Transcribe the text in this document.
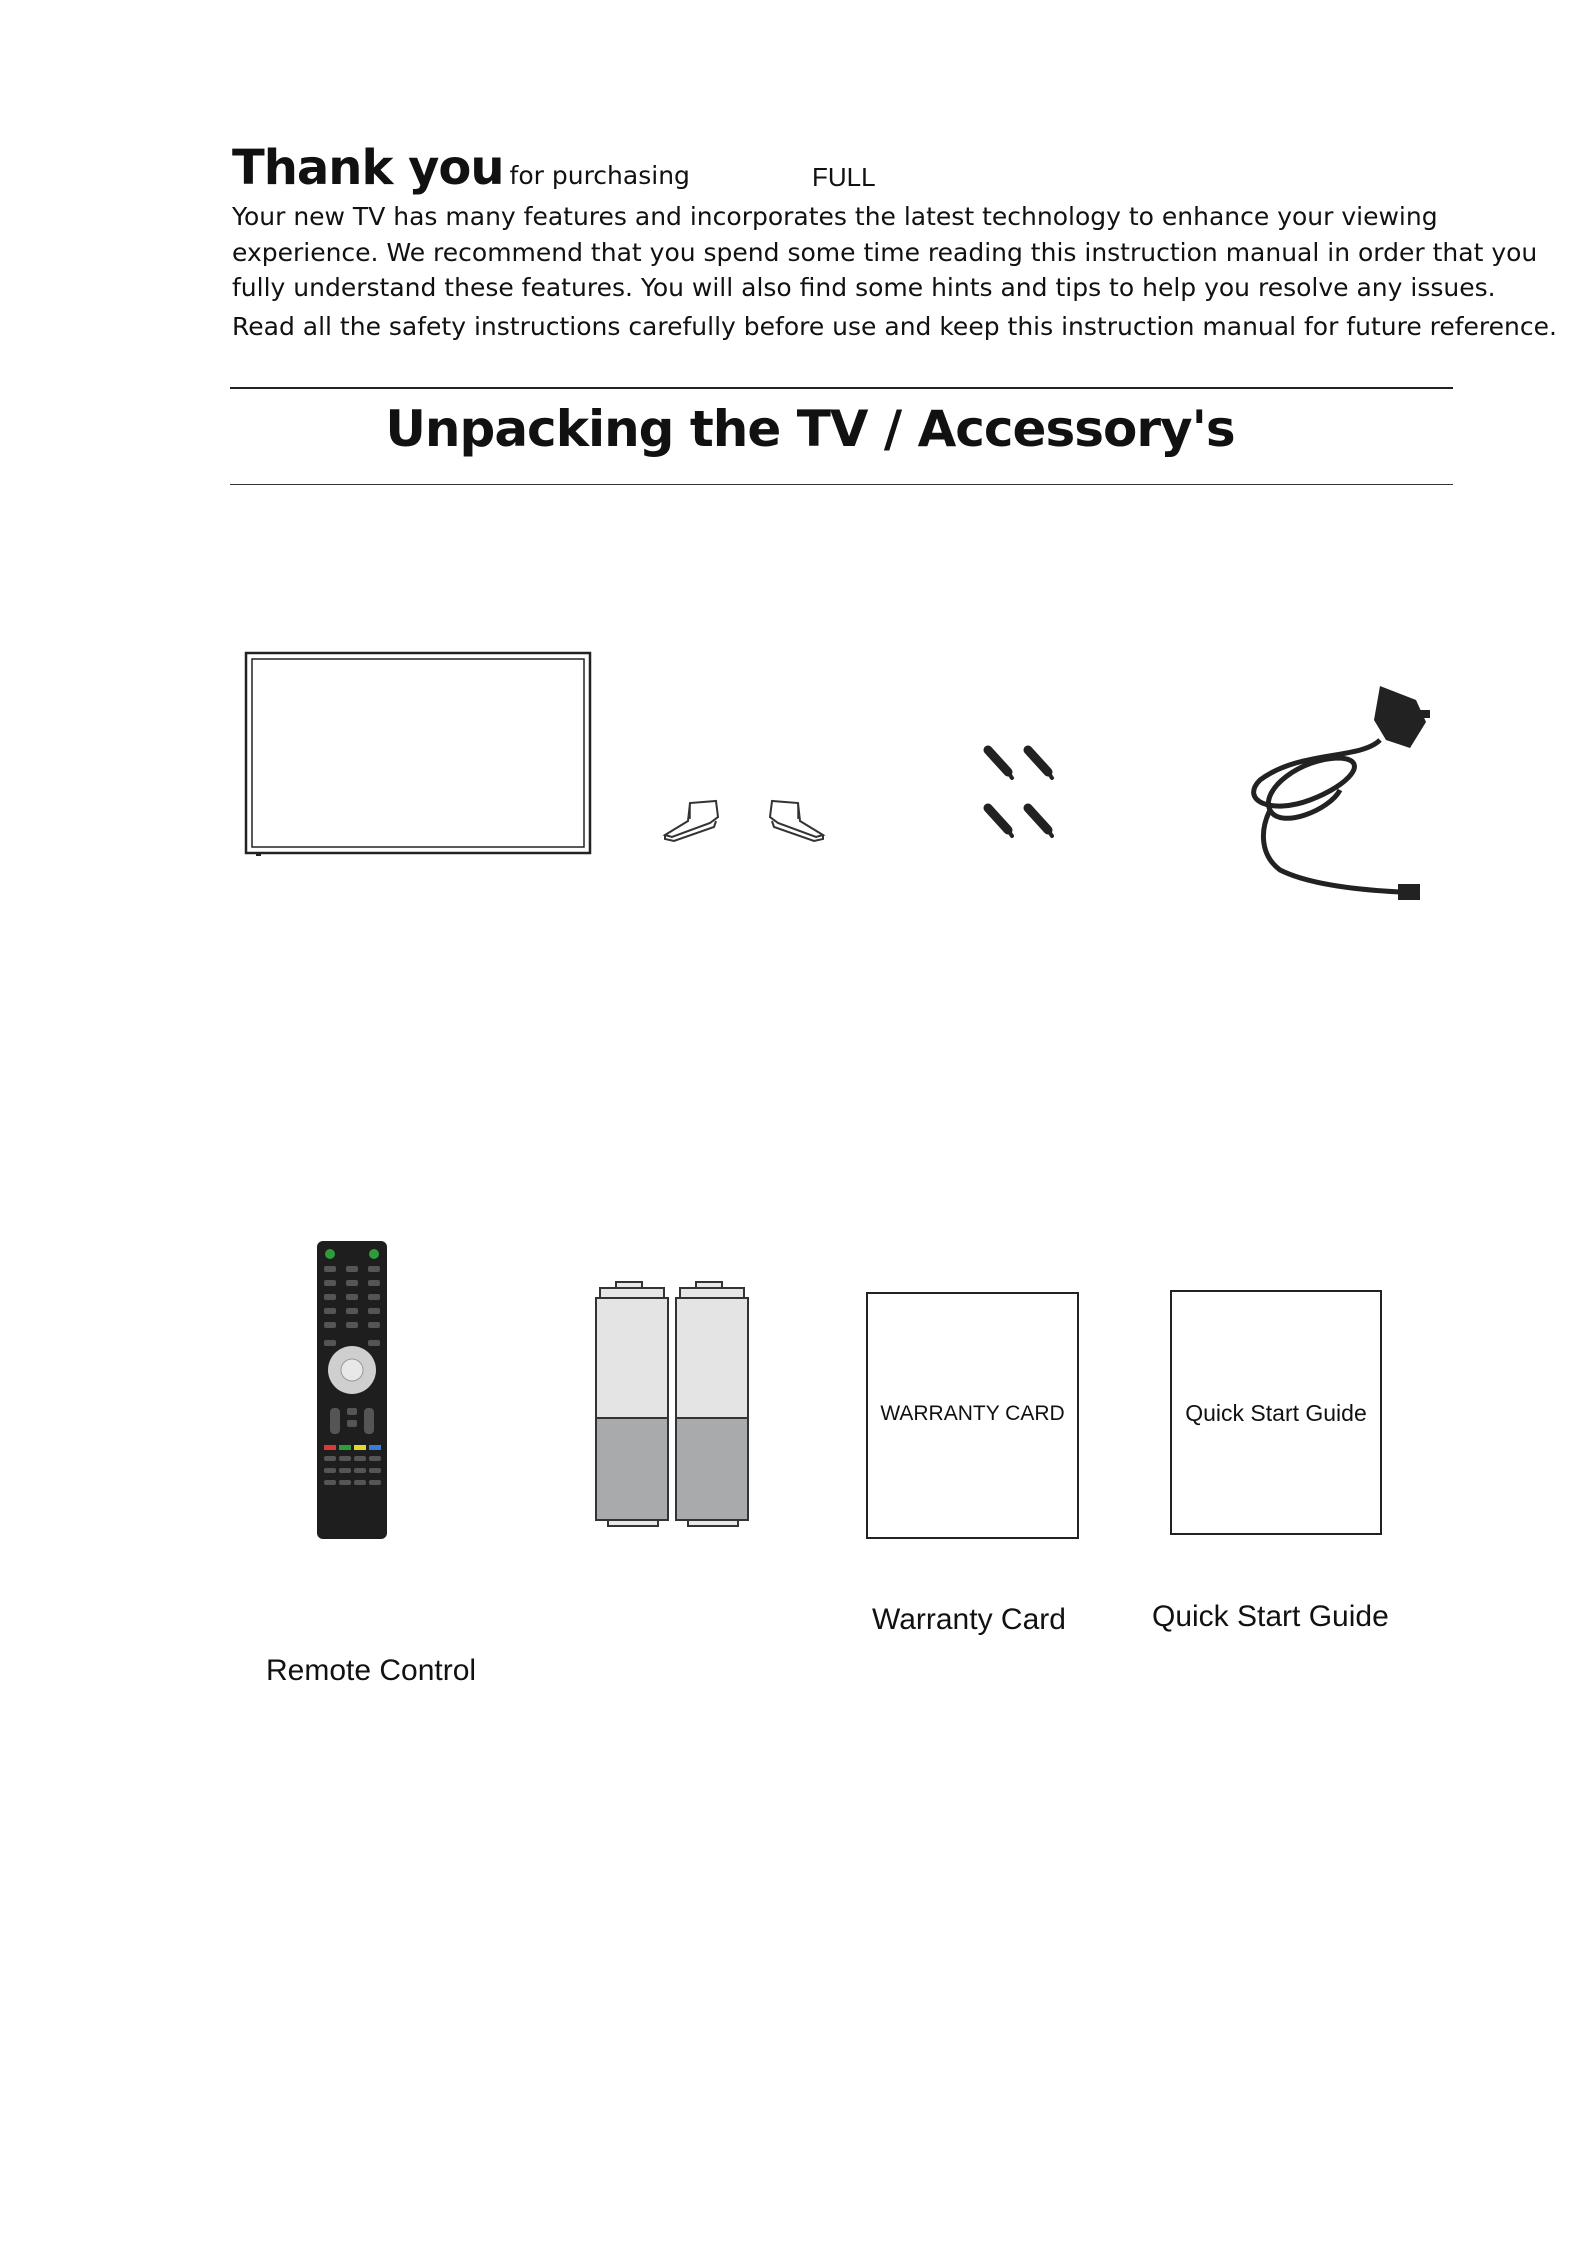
Thank you for purchasing	FULL

Your new TV has many features and incorporates the latest technology to enhance your viewing

experience. We recommend that you spend some time reading this instruction manual in order that you

fully understand these features. You will also find some hints and tips to help you resolve any issues.

Read all the safety instructions carefully before use and keep this instruction manual for future reference.
Unpacking the TV / Accessory's
WARRANTY CARD	Quick Start Guide
Warranty Card	Quick Start Guide
Remote Control
